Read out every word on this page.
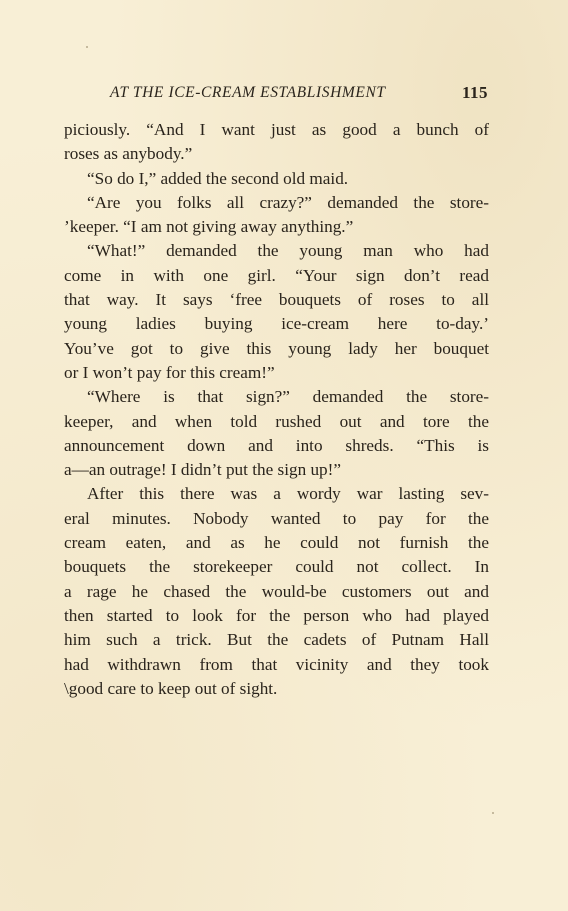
AT THE ICE-CREAM ESTABLISHMENT	115
piciously. “And I want just as good a bunch of
roses as anybody.”
“So do I,” added the second old maid.
“Are you folks all crazy?” demanded the store-
’keeper. “I am not giving away anything.”
“What!” demanded the young man who had
come in with one girl. “Your sign don’t read
that way. It says ‘free bouquets of roses to all
young ladies buying ice-cream here to-day.’
You’ve got to give this young lady her bouquet
or I won’t pay for this cream!”
“Where is that sign?” demanded the store-
keeper, and when told rushed out and tore the
announcement down and into shreds. “This is
a—an outrage! I didn’t put the sign up!”
After this there was a wordy war lasting sev-
eral minutes. Nobody wanted to pay for the
cream eaten, and as he could not furnish the
bouquets the storekeeper could not collect. In
a rage he chased the would-be customers out and
then started to look for the person who had played
him such a trick. But the cadets of Putnam Hall
had withdrawn from that vicinity and they took
\good care to keep out of sight.
